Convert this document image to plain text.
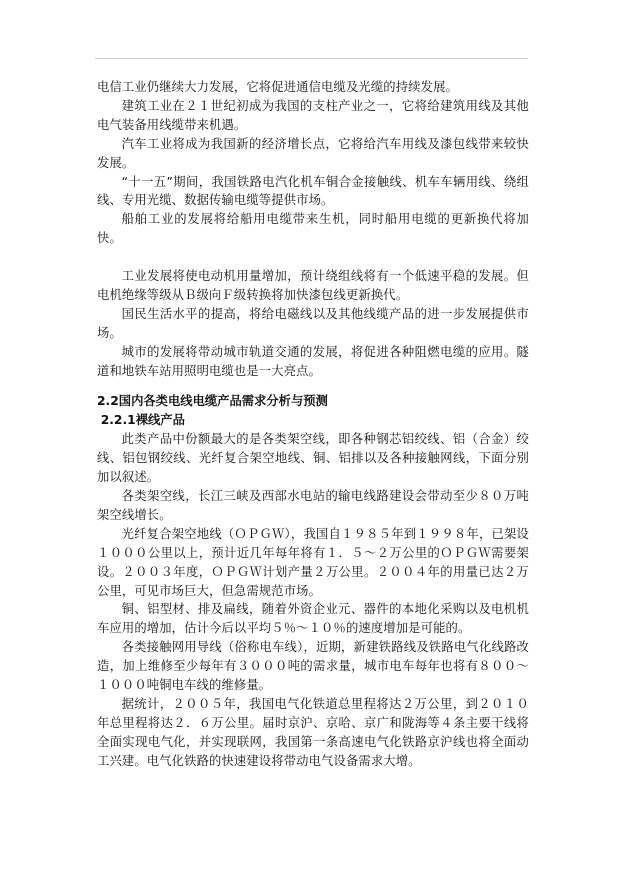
电信工业仍继续大力发展，它将促进通信电缆及光缆的持续发展。

建筑工业在２１世纪初成为我国的支柱产业之一，它将给建筑用线及其他电气装备用线缆带来机遇。

汽车工业将成为我国新的经济增长点，它将给汽车用线及漆包线带来较快发展。

“十一五”期间，我国铁路电汽化机车铜合金接触线、机车车辆用线、绕组线、专用光缆、数据传输电缆等提供市场。

船舶工业的发展将给船用电缆带来生机，同时船用电缆的更新换代将加快。

工业发展将使电动机用量增加，预计绕组线将有一个低速平稳的发展。但电机绝缘等级从Ｂ级向Ｆ级转换将加快漆包线更新换代。

国民生活水平的提高，将给电磁线以及其他线缆产品的进一步发展提供市场。

城市的发展将带动城市轨道交通的发展，将促进各种阻燃电缆的应用。隧道和地铁车站用照明电缆也是一大亮点。

2.2国内各类电线电缆产品需求分析与预测
2.2.1裸线产品

此类产品中份额最大的是各类架空线，即各种钢芯铝绞线、铝（合金）绞线、铝包钢绞线、光纤复合架空地线、铜、铝排以及各种接触网线，下面分别加以叙述。

各类架空线，长江三峡及西部水电站的输电线路建设会带动至少８０万吨架空线增长。

光纤复合架空地线（ＯＰＧＷ），我国自１９８５年到１９９８年，已架设１０００公里以上，预计近几年每年将有１．５～２万公里的ＯＰＧＷ需要架设。２００３年度，ＯＰＧＷ计划产量２万公里。２００４年的用量已达２万公里，可见市场巨大，但急需规范市场。

铜、铝型材、排及扁线，随着外资企业元、器件的本地化采购以及电机机车应用的增加，估计今后以平均５％～１０％的速度增加是可能的。

各类接触网用导线（俗称电车线），近期，新建铁路线及铁路电气化线路改造，加上维修至少每年有３０００吨的需求量，城市电车每年也将有８００～１０００吨铜电车线的维修量。

据统计，２００５年，我国电气化铁道总里程将达２万公里，到２０１０年总里程将达２．６万公里。届时京沪、京哈、京广和陇海等４条主要干线将全面实现电气化，并实现联网，我国第一条高速电气化铁路京沪线也将全面动工兴建。电气化铁路的快速建设将带动电气设备需求大增。
